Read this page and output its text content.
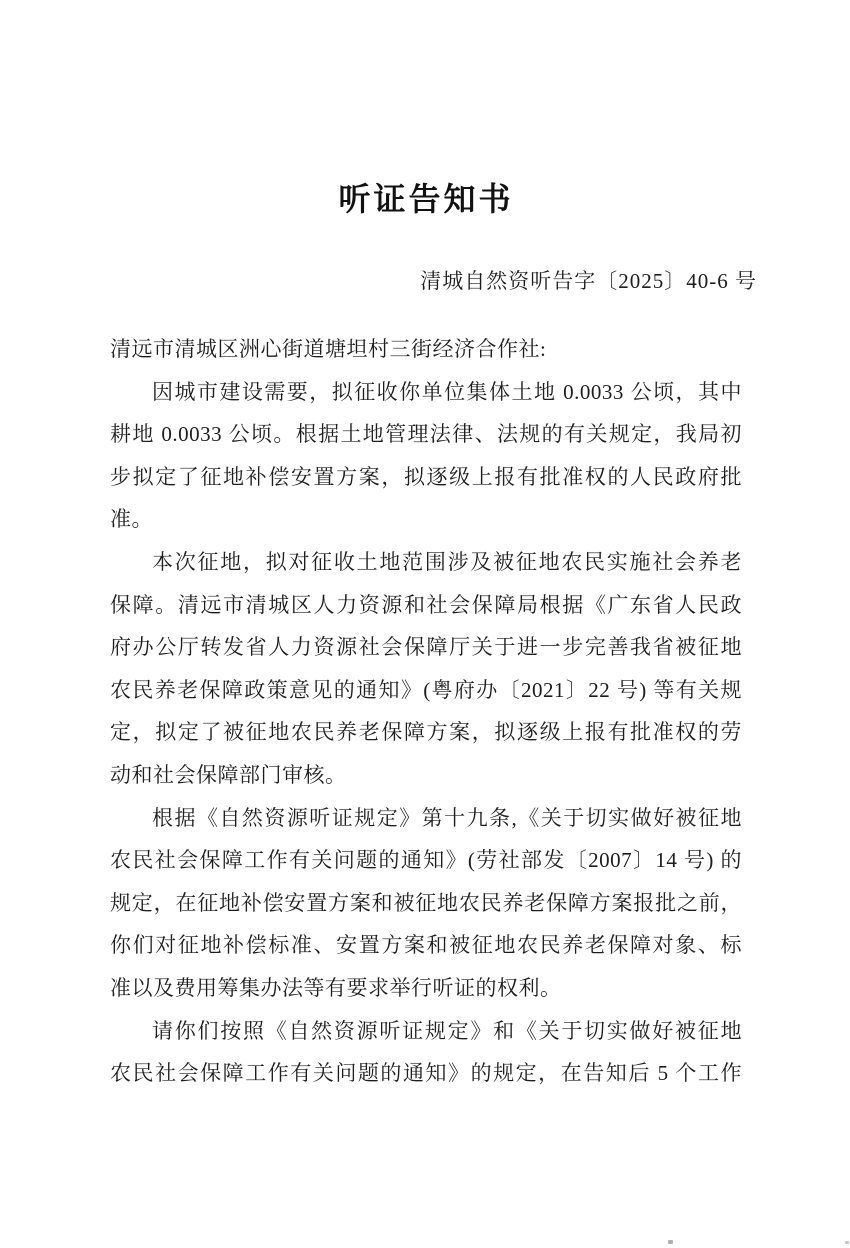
听证告知书
清城自然资听告字〔2025〕40-6 号
清远市清城区洲心街道塘坦村三街经济合作社:
因城市建设需要，拟征收你单位集体土地 0.0033 公顷，其中
耕地 0.0033 公顷。根据土地管理法律、法规的有关规定，我局初
步拟定了征地补偿安置方案，拟逐级上报有批准权的人民政府批
准。
本次征地，拟对征收土地范围涉及被征地农民实施社会养老
保障。清远市清城区人力资源和社会保障局根据《广东省人民政
府办公厅转发省人力资源社会保障厅关于进一步完善我省被征地
农民养老保障政策意见的通知》(粤府办〔2021〕22 号) 等有关规
定，拟定了被征地农民养老保障方案，拟逐级上报有批准权的劳
动和社会保障部门审核。
根据《自然资源听证规定》第十九条,《关于切实做好被征地
农民社会保障工作有关问题的通知》(劳社部发〔2007〕14 号) 的
规定，在征地补偿安置方案和被征地农民养老保障方案报批之前，
你们对征地补偿标准、安置方案和被征地农民养老保障对象、标
准以及费用筹集办法等有要求举行听证的权利。
请你们按照《自然资源听证规定》和《关于切实做好被征地
农民社会保障工作有关问题的通知》的规定，在告知后 5 个工作
